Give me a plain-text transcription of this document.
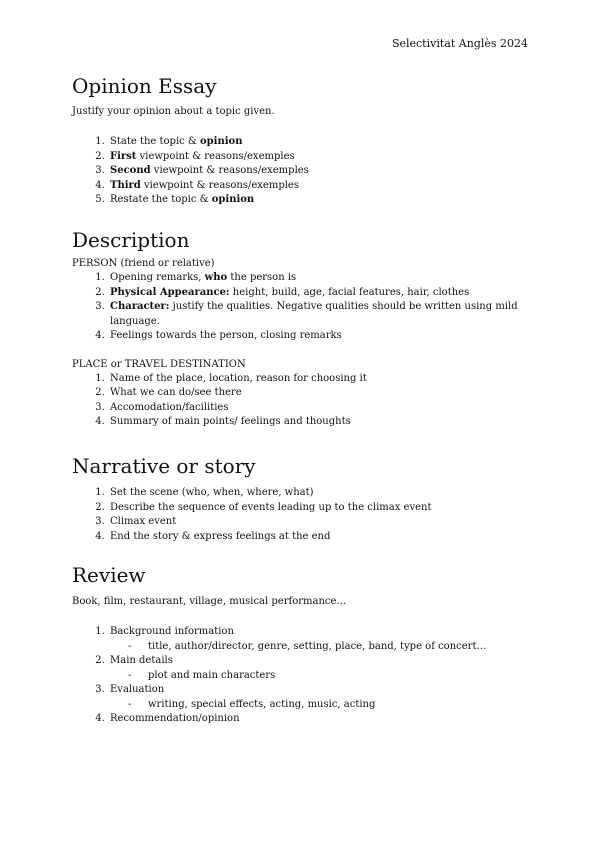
Selectivitat Anglès 2024
Opinion Essay

Justify your opinion about a topic given.

1. State the topic & opinion
2. First viewpoint & reasons/exemples
3. Second viewpoint & reasons/exemples
4. Third viewpoint & reasons/exemples
5. Restate the topic & opinion
Description

PERSON (friend or relative)

1. Opening remarks, who the person is
2. Physical Appearance: height, build, age, facial features, hair, clothes
3. Character: justify the qualities. Negative qualities should be written using mild language.
4. Feelings towards the person, closing remarks

PLACE or TRAVEL DESTINATION

1. Name of the place, location, reason for choosing it
2. What we can do/see there
3. Accomodation/facilities
4. Summary of main points/ feelings and thoughts
Narrative or story
1. Set the scene (who, when, where, what)
2. Describe the sequence of events leading up to the climax event
3. Climax event
4. End the story & express feelings at the end
Review

Book, film, restaurant, village, musical performance…

1. Background information
- title, author/director, genre, setting, place, band, type of concert…
2. Main details
- plot and main characters
3. Evaluation
- writing, special effects, acting, music, acting
4. Recommendation/opinion
